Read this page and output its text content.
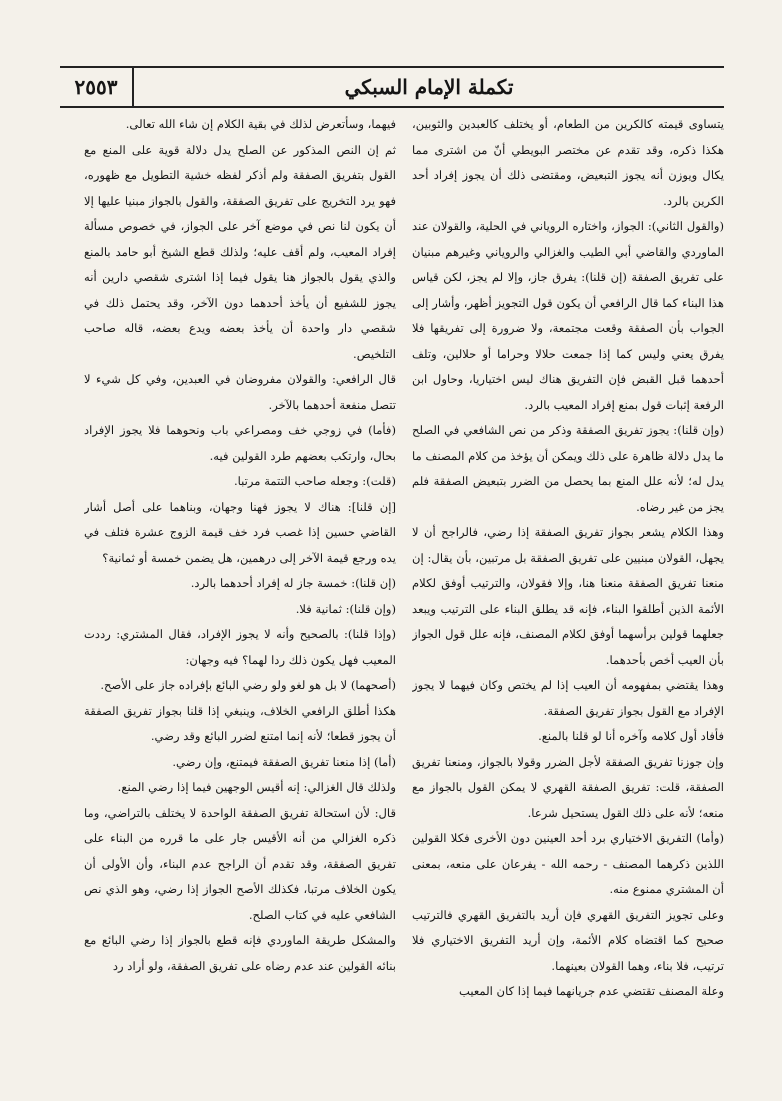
٢٥٥٣	تكملة الإمام السبكي

يتساوى قيمته كالكرين من الطعام، أو يختلف كالعبدين والثوبين، هكذا ذكره، وقد تقدم عن مختصر البويطي أنّ من اشترى مما يكال ويوزن أنه يجوز التبعيض، ومقتضى ذلك أن يجوز إفراد أحد الكرين بالرد.

(والقول الثاني): الجواز، واختاره الروياني في الحلية، والقولان عند الماوردي والقاضي أبي الطيب والغزالي والروياني وغيرهم مبنيان على تفريق الصفقة (إن قلنا): يفرق جاز، وإلا لم يجز، لكن قياس هذا البناء كما قال الرافعي أن يكون قول التجويز أظهر، وأشار إلى الجواب بأن الصفقة وقعت مجتمعة، ولا ضرورة إلى تفريقها فلا يفرق يعني وليس كما إذا جمعت حلالا وحراما أو حلالين، وتلف أحدهما قبل القبض فإن التفريق هناك ليس اختياريا، وحاول ابن الرفعة إثبات قول بمنع إفراد المعيب بالرد.

(وإن قلنا): يجوز تفريق الصفقة وذكر من نص الشافعي في الصلح ما يدل دلالة ظاهرة على ذلك ويمكن أن يؤخذ من كلام المصنف ما يدل له؛ لأنه علل المنع بما يحصل من الضرر بتبعيض الصفقة فلم يجز من غير رضاه.

وهذا الكلام يشعر بجواز تفريق الصفقة إذا رضي، فالراجح أن لا يجهل، القولان مبنيين على تفريق الصفقة بل مرتبين، بأن يقال: إن منعنا تفريق الصفقة منعنا هنا، وإلا فقولان، والترتيب أوفق لكلام الأئمة الذين أطلقوا البناء، فإنه قد يطلق البناء على الترتيب ويبعد جعلهما قولين برأسهما أوفق لكلام المصنف، فإنه علل قول الجواز بأن العيب أخص بأحدهما.

وهذا يقتضي بمفهومه أن العيب إذا لم يختص وكان فيهما لا يجوز الإفراد مع القول بجواز تفريق الصفقة.

فأفاد أول كلامه وآخره أنا لو قلنا بالمنع.

وإن جوزنا تفريق الصفقة لأجل الضرر وقولا بالجواز، ومنعنا تفريق الصفقة، قلت: تفريق الصفقة القهري لا يمكن القول بالجواز مع منعه؛ لأنه على ذلك القول يستحيل شرعا.

(وأما) التفريق الاختياري برد أحد العينين دون الأخرى فكلا القولين اللذين ذكرهما المصنف - رحمه الله - يفرعان على منعه، بمعنى أن المشتري ممنوع منه.

وعلى تجويز التفريق القهري فإن أريد بالتفريق القهري فالترتيب صحيح كما اقتضاه كلام الأئمة، وإن أريد التفريق الاختياري فلا ترتيب، فلا بناء، وهما القولان بعينهما.

وعلة المصنف تقتضي عدم جريانهما فيما إذا كان المعيب

فيهما، وسأتعرض لذلك في بقية الكلام إن شاء الله تعالى.

ثم إن النص المذكور عن الصلح يدل دلالة قوية على المنع مع القول بتفريق الصفقة ولم أذكر لفظه خشية التطويل مع ظهوره، فهو يرد التخريج على تفريق الصفقة، والقول بالجواز مبنيا عليها إلا أن يكون لنا نص في موضع آخر على الجواز، في خصوص مسألة إفراد المعيب، ولم أقف عليه؛ ولذلك قطع الشيخ أبو حامد بالمنع والذي يقول بالجواز هنا يقول فيما إذا اشترى شقصي دارين أنه يجوز للشفيع أن يأخذ أحدهما دون الآخر، وقد يحتمل ذلك في شقصي دار واحدة أن يأخذ بعضه ويدع بعضه، قاله صاحب التلخيص.

قال الرافعي: والقولان مفروضان في العبدين، وفي كل شيء لا تتصل منفعة أحدهما بالآخر.

(فأما) في زوجي خف ومصراعي باب ونحوهما فلا يجوز الإفراد بحال، وارتكب بعضهم طرد القولين فيه.

(قلت): وجعله صاحب التتمة مرتبا.

[إن قلنا]: هناك لا يجوز فهنا وجهان، وبناهما على أصل أشار القاضي حسين إذا غصب فرد خف قيمة الزوج عشرة فتلف في يده ورجع قيمة الآخر إلى درهمين، هل يضمن خمسة أو ثمانية؟

(إن قلنا): خمسة جاز له إفراد أحدهما بالرد.

(وإن قلنا): ثمانية فلا.

(وإذا قلنا): بالصحيح وأنه لا يجوز الإفراد، فقال المشتري: رددت المعيب فهل يكون ذلك ردا لهما؟ فيه وجهان:

(أصحهما) لا بل هو لغو ولو رضي البائع بإفراده جاز على الأصح.

هكذا أطلق الرافعي الخلاف، وينبغي إذا قلنا بجواز تفريق الصفقة أن يجوز قطعا؛ لأنه إنما امتنع لضرر البائع وقد رضي.

(أما) إذا منعنا تفريق الصفقة فيمتنع، وإن رضي.

ولذلك قال الغزالي: إنه أقيس الوجهين فيما إذا رضي المنع.

قال: لأن استحالة تفريق الصفقة الواحدة لا يختلف بالتراضي، وما ذكره الغزالي من أنه الأقيس جار على ما قرره من البناء على تفريق الصفقة، وقد تقدم أن الراجح عدم البناء، وأن الأولى أن يكون الخلاف مرتبا، فكذلك الأصح الجواز إذا رضي، وهو الذي نص الشافعي عليه في كتاب الصلح.

والمشكل طريقة الماوردي فإنه قطع بالجواز إذا رضي البائع مع بنائه القولين عند عدم رضاه على تفريق الصفقة، ولو أراد رد
